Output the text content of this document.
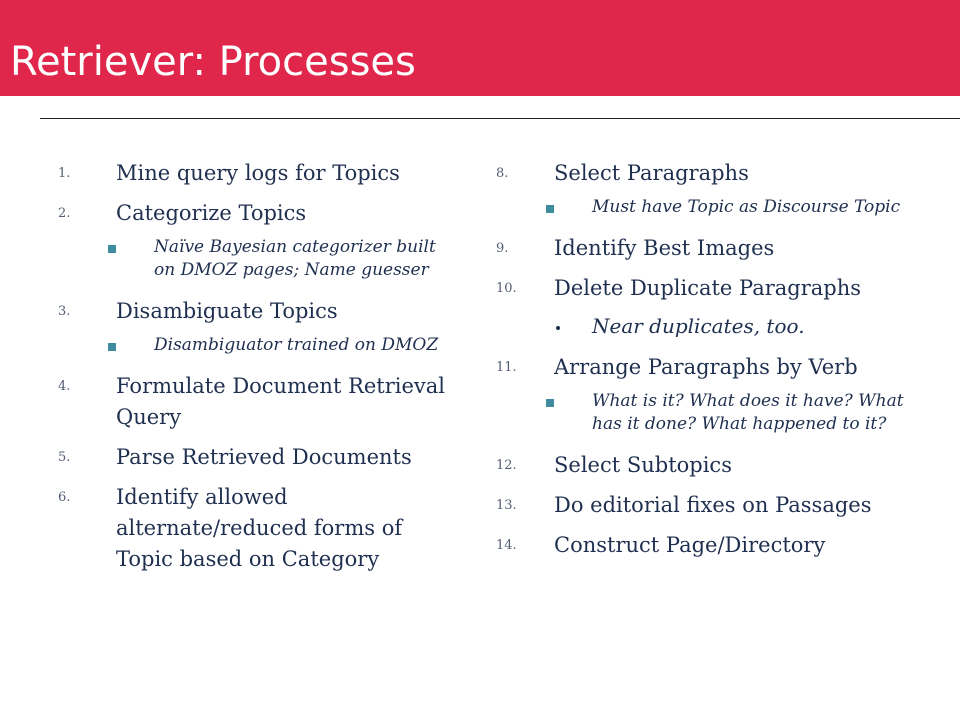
Retriever: Processes
1. Mine query logs for Topics
2. Categorize Topics
Naïve Bayesian categorizer built on DMOZ pages; Name guesser
3. Disambiguate Topics
Disambiguator trained on DMOZ
4. Formulate Document Retrieval Query
5. Parse Retrieved Documents
6. Identify allowed alternate/reduced forms of Topic based on Category
8. Select Paragraphs
Must have Topic as Discourse Topic
9. Identify Best Images
10. Delete Duplicate Paragraphs
Near duplicates, too.
11. Arrange Paragraphs by Verb
What is it? What does it have? What has it done? What happened to it?
12. Select Subtopics
13. Do editorial fixes on Passages
14. Construct Page/Directory
